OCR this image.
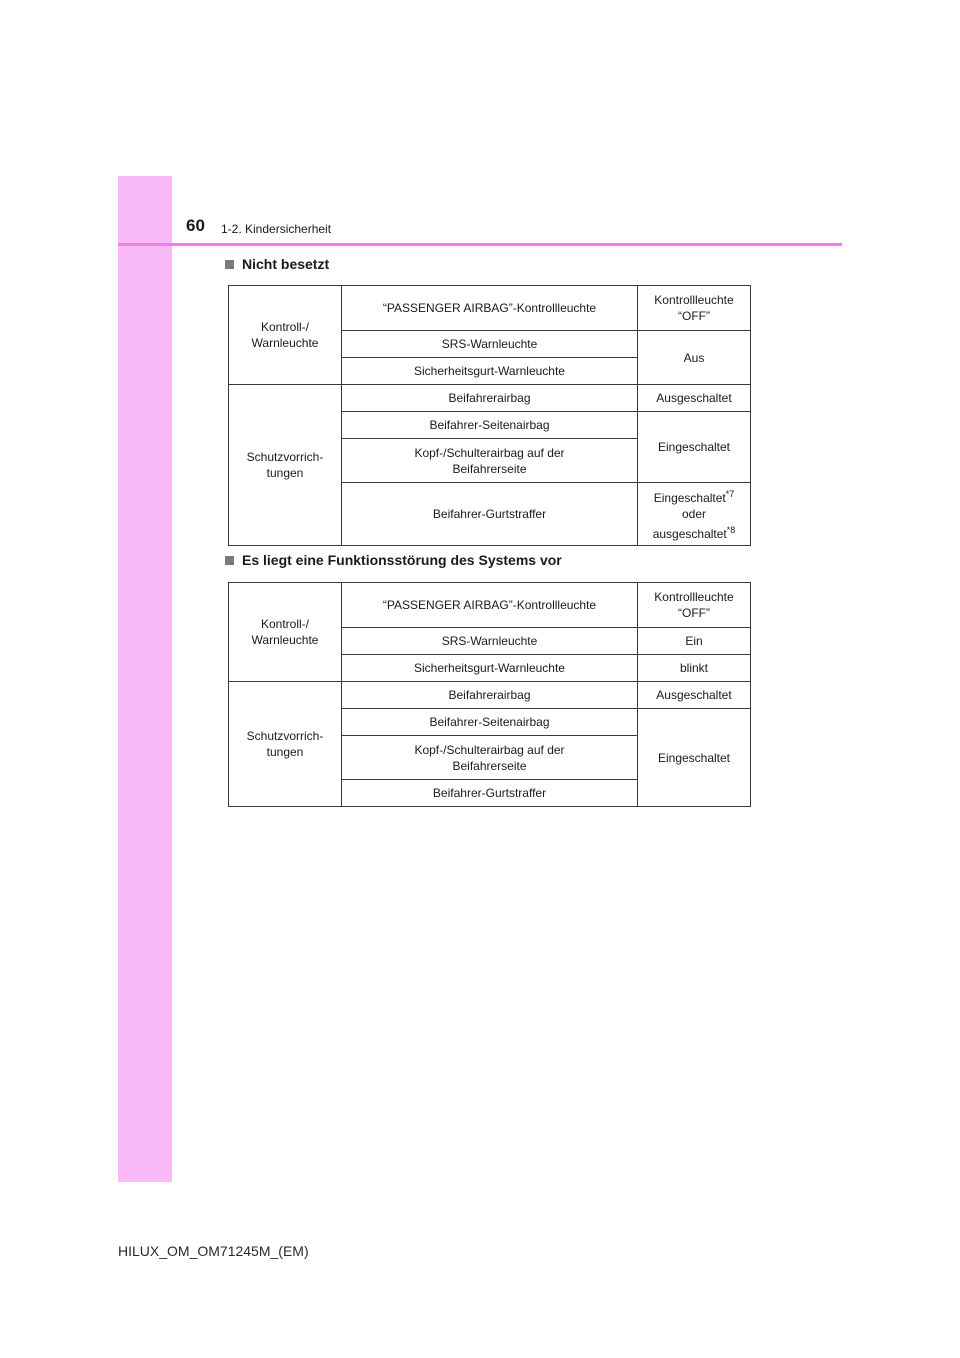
60 1-2. Kindersicherheit
Nicht besetzt
Kontroll-/
Warnleuchte	“PASSENGER AIRBAG”-Kontrollleuchte	Kontrollleuchte
“OFF”
	SRS-Warnleuchte	Aus
	Sicherheitsgurt-Warnleuchte	
Schutzvorrich-
tungen	Beifahrerairbag	Ausgeschaltet
	Beifahrer-Seitenairbag	Eingeschaltet
	Kopf-/Schulterairbag auf der
Beifahrerseite	
	Beifahrer-Gurtstraffer	Eingeschaltet$^{*7}$
oder
ausgeschaltet$^{*8}$
Es liegt eine Funktionsstörung des Systems vor
Kontroll-/
Warnleuchte	“PASSENGER AIRBAG”-Kontrollleuchte	Kontrollleuchte
“OFF”
	SRS-Warnleuchte	Ein
	Sicherheitsgurt-Warnleuchte	blinkt
Schutzvorrich-
tungen	Beifahrerairbag	Ausgeschaltet
	Beifahrer-Seitenairbag	Eingeschaltet
	Kopf-/Schulterairbag auf der
Beifahrerseite	
	Beifahrer-Gurtstraffer	
HILUX_OM_OM71245M_(EM)
